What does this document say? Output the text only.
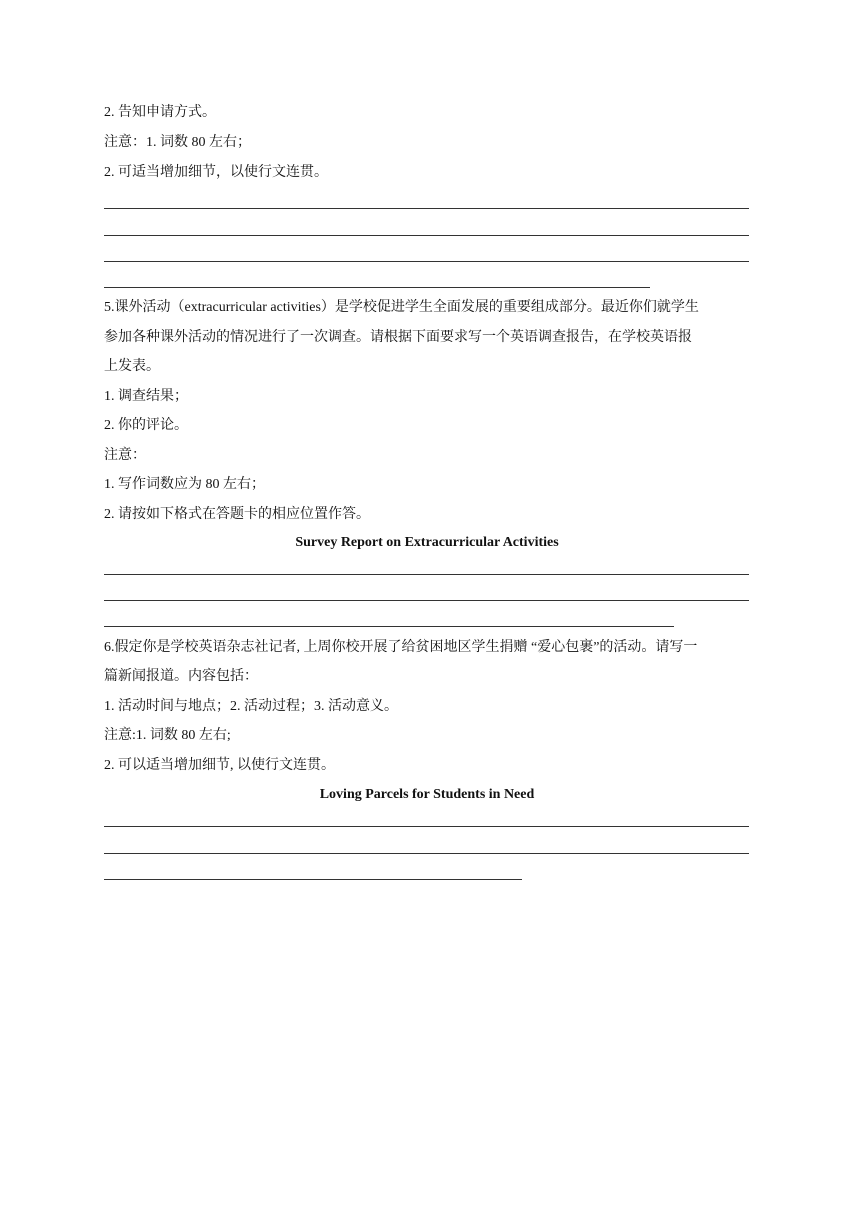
2. 告知申请方式。
注意：1. 词数 80 左右；
2. 可适当增加细节，以使行文连贯。
5.课外活动（extracurricular activities）是学校促进学生全面发展的重要组成部分。最近你们就学生
参加各种课外活动的情况进行了一次调查。请根据下面要求写一个英语调查报告，在学校英语报
上发表。
1. 调查结果；
2. 你的评论。
注意：
1. 写作词数应为 80 左右；
2. 请按如下格式在答题卡的相应位置作答。
Survey Report on Extracurricular Activities
6.假定你是学校英语杂志社记者, 上周你校开展了给贫困地区学生捐赠 “爱心包裹”的活动。请写一
篇新闻报道。内容包括：
1. 活动时间与地点；2. 活动过程；3. 活动意义。
注意:1. 词数 80 左右;
2. 可以适当增加细节, 以使行文连贯。
Loving Parcels for Students in Need
